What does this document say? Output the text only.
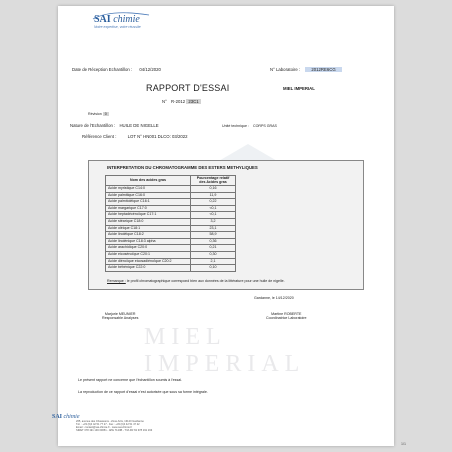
SAI chimie
Notre expertise, votre réussite
Date de Réception Echantillon : 04/12/2020	N° Laboratoire :	2012RE6CG
RAPPORT D'ESSAI	MIEL IMPERIAL
N° R-2012 23C1
Révision 0
Nature de l'Echantillon : HUILE DE NIGELLE	Unité technique : CORPS GRAS
Référence Client :	LOT N° HN001 DLCO: 03/2022
INTERPRETATION DU CHROMATOGRAMME DES ESTERS METHYLIQUES
Nom des acides gras	Pourcentage relatif
des Acides gras
Acide myristique C14:0	0,16
Acide palmitique C16:0	11,9
Acide palmitoléique C16:1	0,22
Acide margarique C17:0	<0,1
Acide heptadécénoïque C17:1	<0,1
Acide stéarique C18:0	3,2
Acide oléique C18:1	23,1
Acide linoléique C18:2	58,9
Acide linolénique C18:3 alpha	0,36
Acide arachidique C20:0	0,21
Acide eicosénoïque C20:1	0,30
Acide diénoïque eicosadiénoïque C20:2	2,1
Acide béhénique C22:0	0,10
Remarque : le profil chromatographique correspond bien aux données de la littérature pour une huile de nigelle.
Gardanne, le 14/12/2020
Marjorie MEUNIER
Responsable Analyses
Martine ROBERTE
Coordinatrice Laboratoire
MIEL IMPERIAL
Le présent rapport ne concerne que l'échantillon soumis à l'essai.
La reproduction de ce rapport d'essai n'est autorisée que sous sa forme intégrale.
1/1
SAI chimie
265, avenue des Chasséens - Zone Artis, 13120 Gardanne
Tél. : +33 (0)4 42 51 77 27 - Fax : +33 (0)4 42 51 47 22
Email : contact@sai-chimie.fr - www.sai-chimie.fr
SIRET 378 191 193 00051 - APE 7120B - TVA FR 63 378 191 193
